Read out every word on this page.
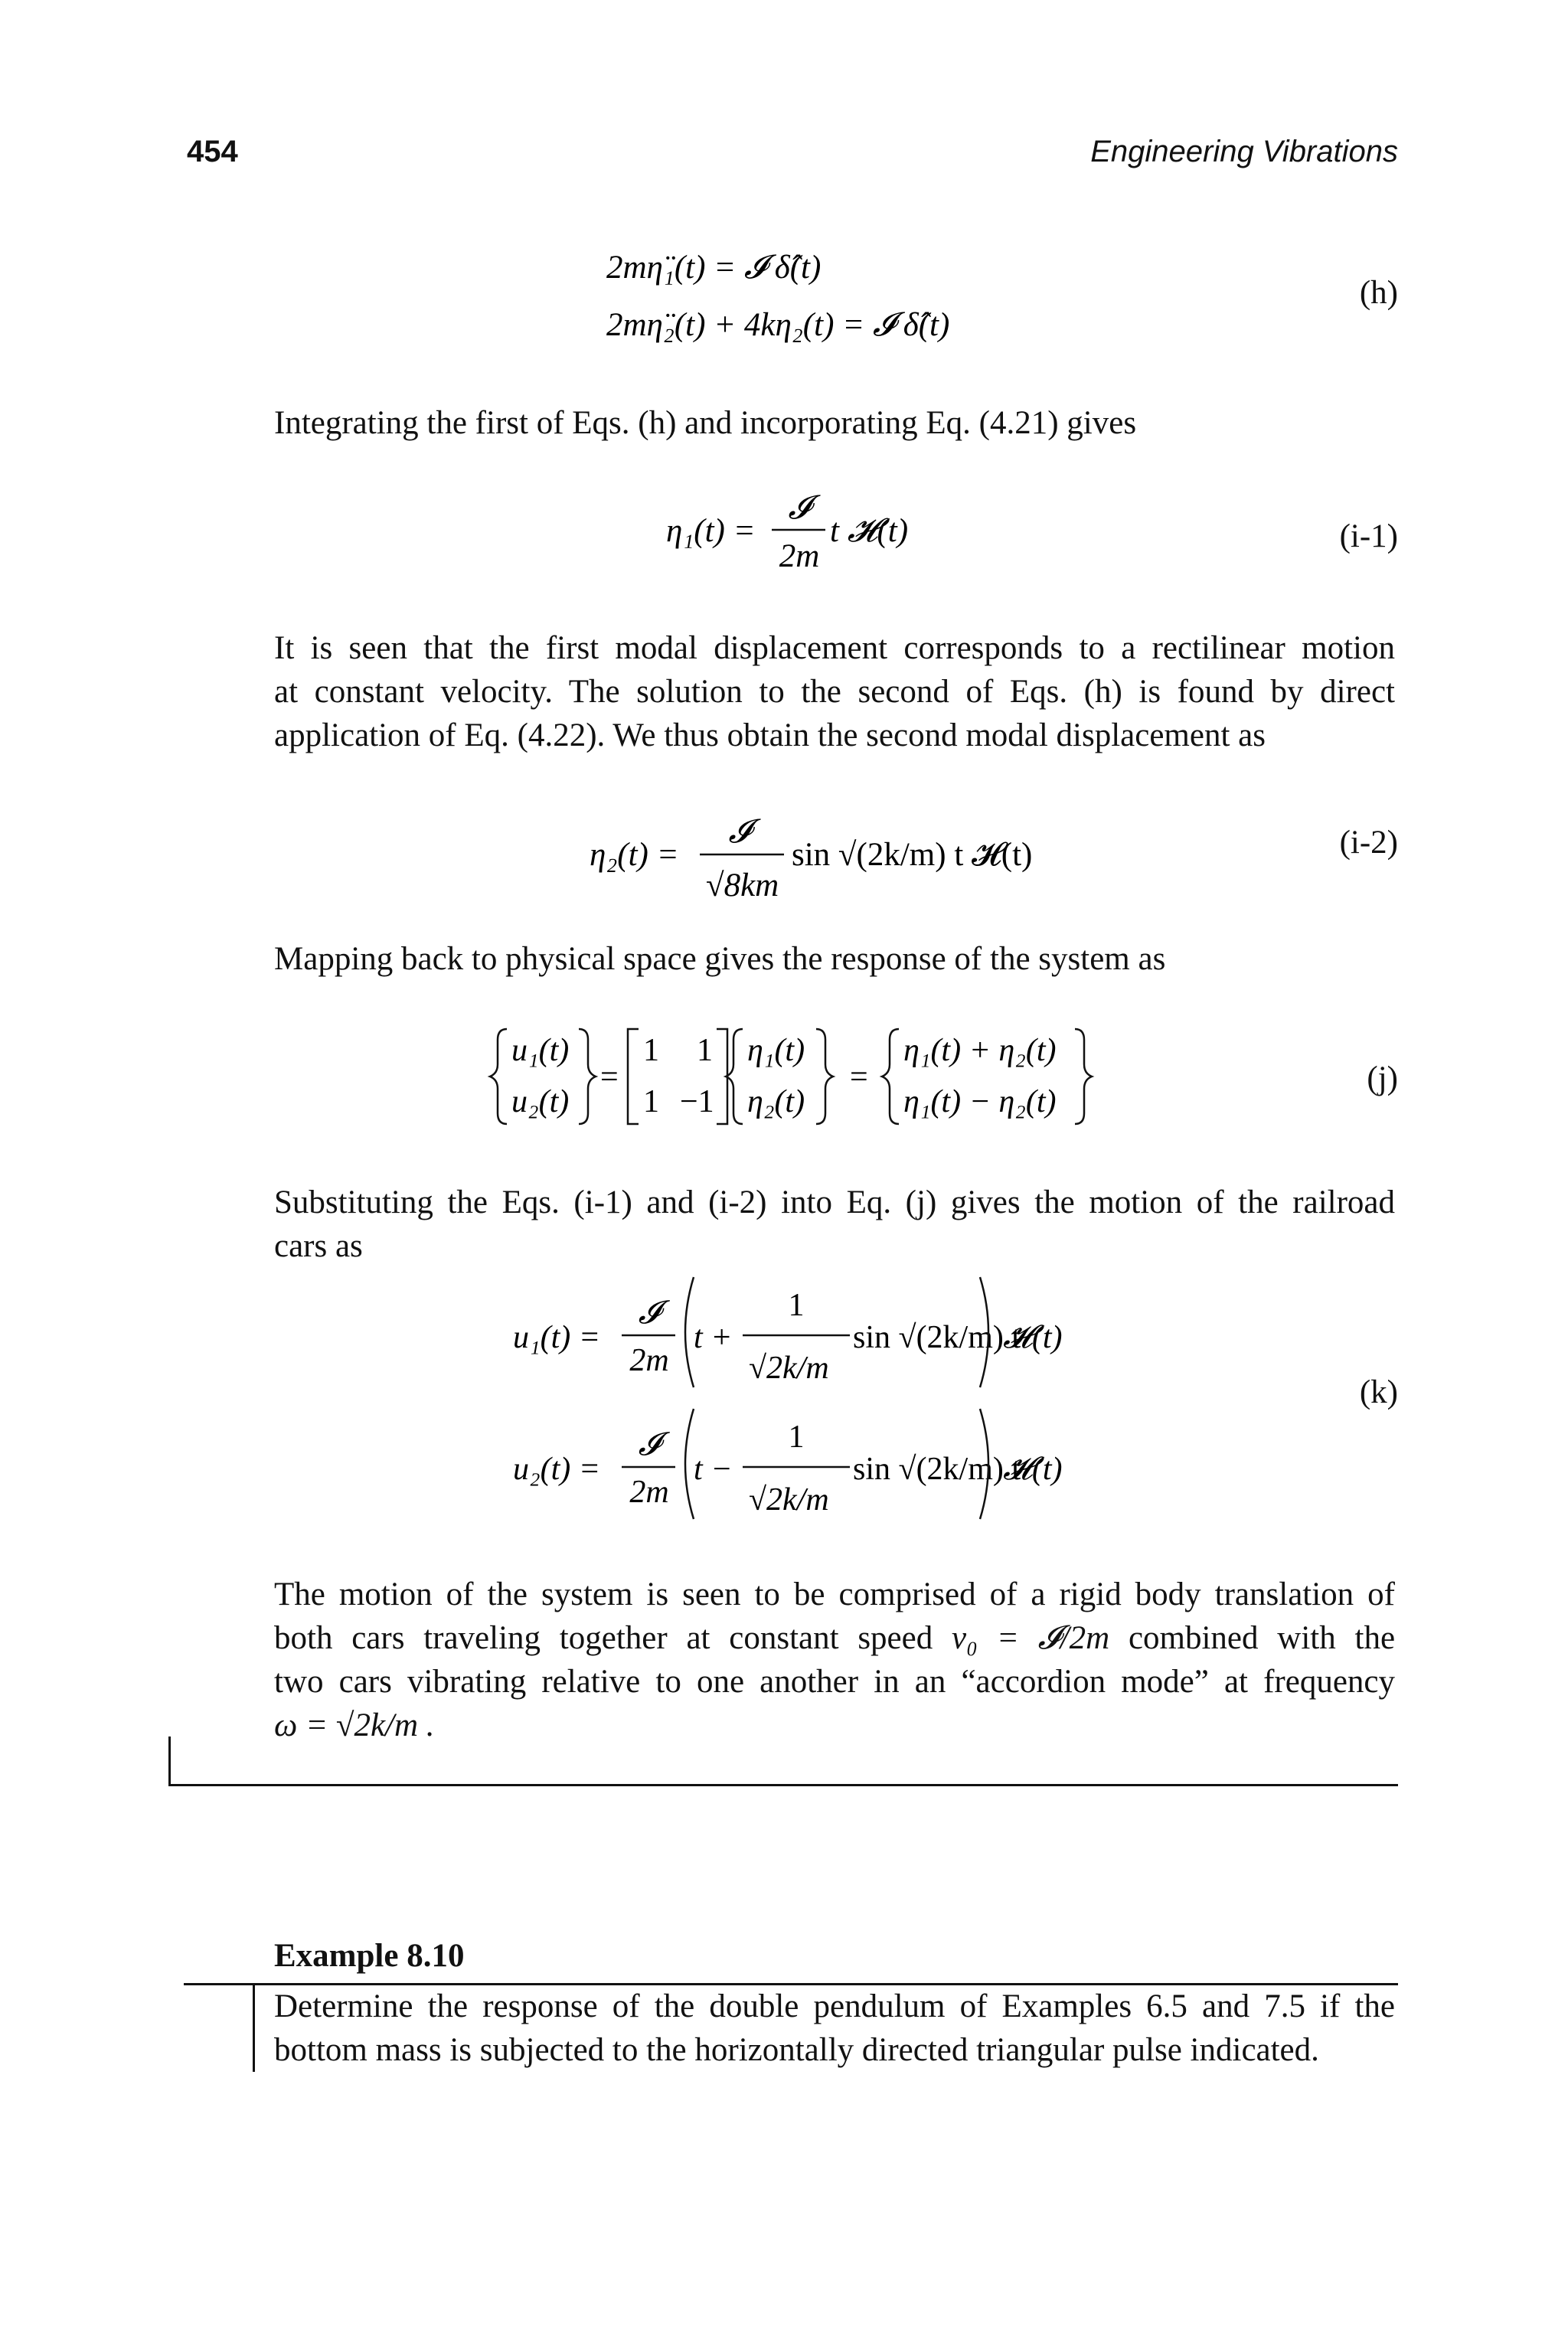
454	Engineering Vibrations
2mη̈₁(t) = 𝓘 δ̂(t)
2mη̈₂(t) + 4kη₂(t) = 𝓘 δ̂(t)
(h)
Integrating the first of Eqs. (h) and incorporating Eq. (4.21) gives
η₁(t) =
𝓘
2m
t 𝓗(t)	(i-1)
It is seen that the first modal displacement corresponds to a rectilinear motion
at constant velocity. The solution to the second of Eqs. (h) is found by direct
application of Eq. (4.22). We thus obtain the second modal displacement as
η₂(t) =
𝓘
√8km
sin √(2k/m) t 𝓗(t)	(i-2)
Mapping back to physical space gives the response of the system as
u₁(t)
u₂(t)
=
1 1
1 −1
η₁(t)
η₂(t)
=
η₁(t) + η₂(t)
η₁(t) − η₂(t)
(j)
Substituting the Eqs. (i-1) and (i-2) into Eq. (j) gives the motion of the railroad
cars as
u₁(t) =
𝓘
2m
t +
1
√2k/m
sin √(2k/m) t
𝓗(t)
u₂(t) =
𝓘
2m
t −
1
√2k/m
sin √(2k/m) t
𝓗(t)
(k)
The motion of the system is seen to be comprised of a rigid body translation of
both cars traveling together at constant speed v₀ = 𝓘/2m combined with the
two cars vibrating relative to one another in an “accordion mode” at frequency
ω = √2k/m .
Example 8.10
Determine the response of the double pendulum of Examples 6.5 and 7.5 if the
bottom mass is subjected to the horizontally directed triangular pulse indicated.
